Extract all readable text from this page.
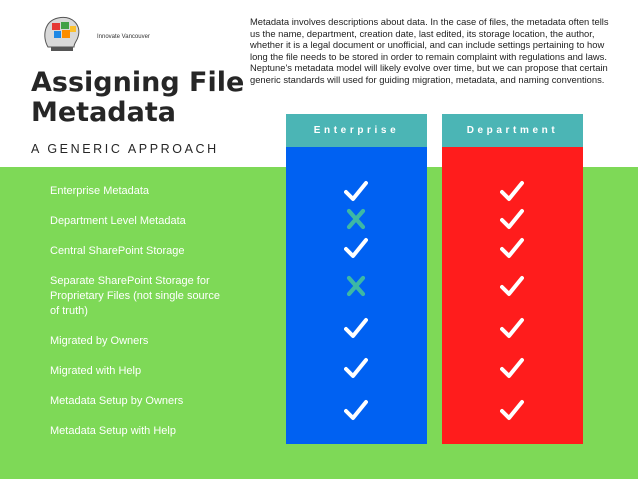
Innovate Vancouver
Metadata involves descriptions about data. In the case of files, the metadata often tells us the name, department, creation date, last edited, its storage location, the author, whether it is a legal document or unofficial, and can include settings pertaining to how long the file needs to be stored in order to remain complaint with regulations and laws. Neptune's metadata model will likely evolve over time, but we can propose that certain generic standards will used for guiding migration, metadata, and naming conventions.
Assigning File Metadata
A GENERIC APPROACH
Enterprise	Department
Enterprise Metadata
Department Level Metadata
Central SharePoint Storage
Separate SharePoint Storage for Proprietary Files (not single source of truth)
Migrated by Owners
Migrated with Help
Metadata Setup by Owners
Metadata Setup with Help
